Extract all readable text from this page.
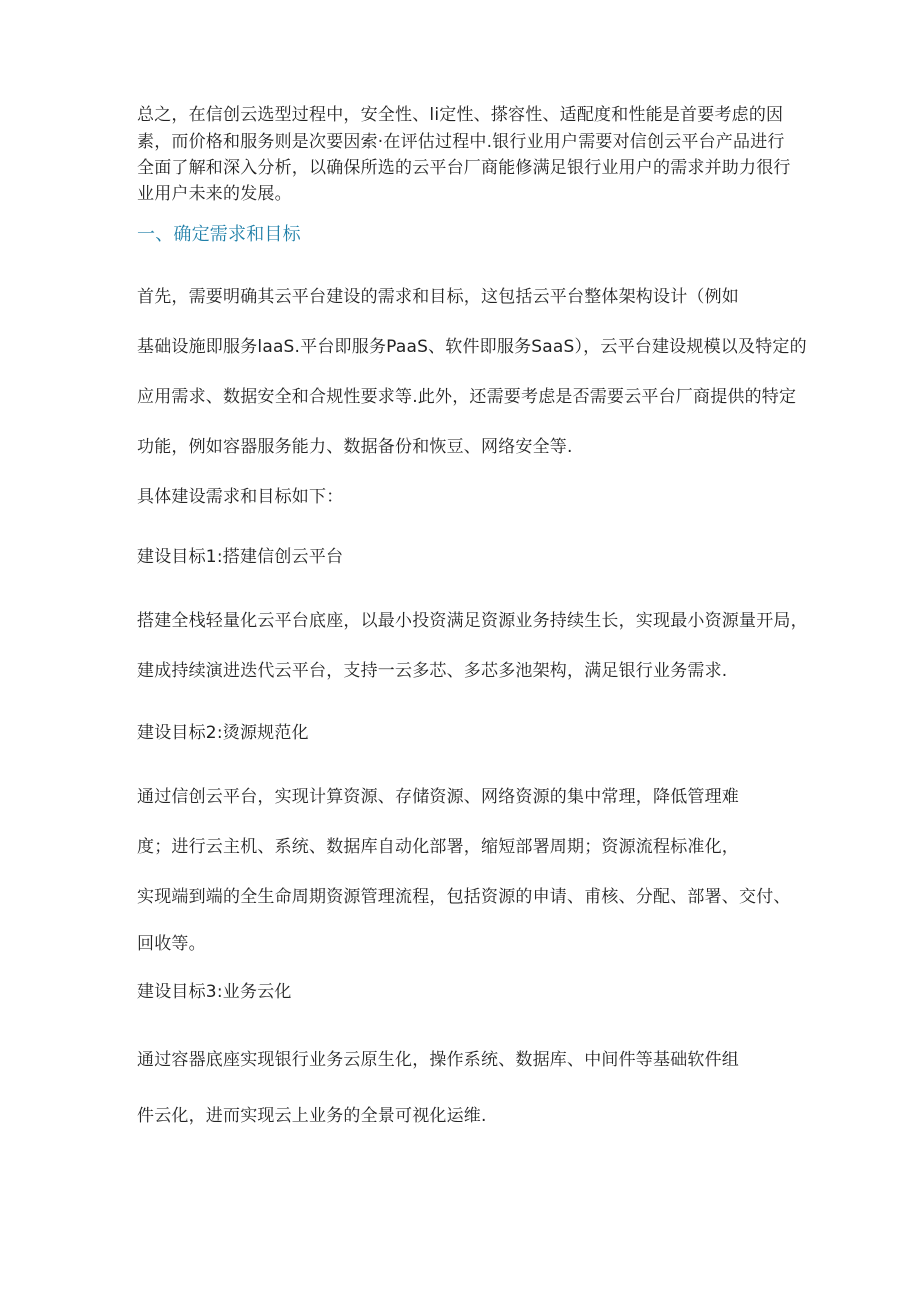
总之，在信创云选型过程中，安全性、li定性、搽容性、适配度和性能是首要考虑的因
素，而价格和服务则是次要因索·在评估过程中.银行业用户需要对信创云平台产品进行
全面了解和深入分析，以确保所选的云平台厂商能修满足银行业用户的需求并助力很行
业用户未来的发展。
一、确定需求和目标
首先，需要明确其云平台建设的需求和目标，这包括云平台整体架构设计（例如
基础设施即服务laaS.平台即服务PaaS、软件即服务SaaS），云平台建设规模以及特定的
应用需求、数据安全和合规性要求等.此外，还需要考虑是否需要云平台厂商提供的特定
功能，例如容器服务能力、数据备份和恢豆、网络安全等.
具体建设需求和目标如下：
建设目标1:搭建信创云平台
搭建全栈轻量化云平台底座，以最小投资满足资源业务持续生长，实现最小资源量开局，
建成持续演进迭代云平台，支持一云多芯、多芯多池架构，满足银行业务需求.
建设目标2:烫源规范化
通过信创云平台，实现计算资源、存储资源、网络资源的集中常理，降低管理难
度；进行云主机、系统、数据库自动化部署，缩短部署周期；资源流程标准化，
实现端到端的全生命周期资源管理流程，包括资源的申请、甫核、分配、部署、交付、
回收等。
建设目标3:业务云化
通过容器底座实现银行业务云原生化，操作系统、数据库、中间件等基础软件组
件云化，进而实现云上业务的全景可视化运维.
